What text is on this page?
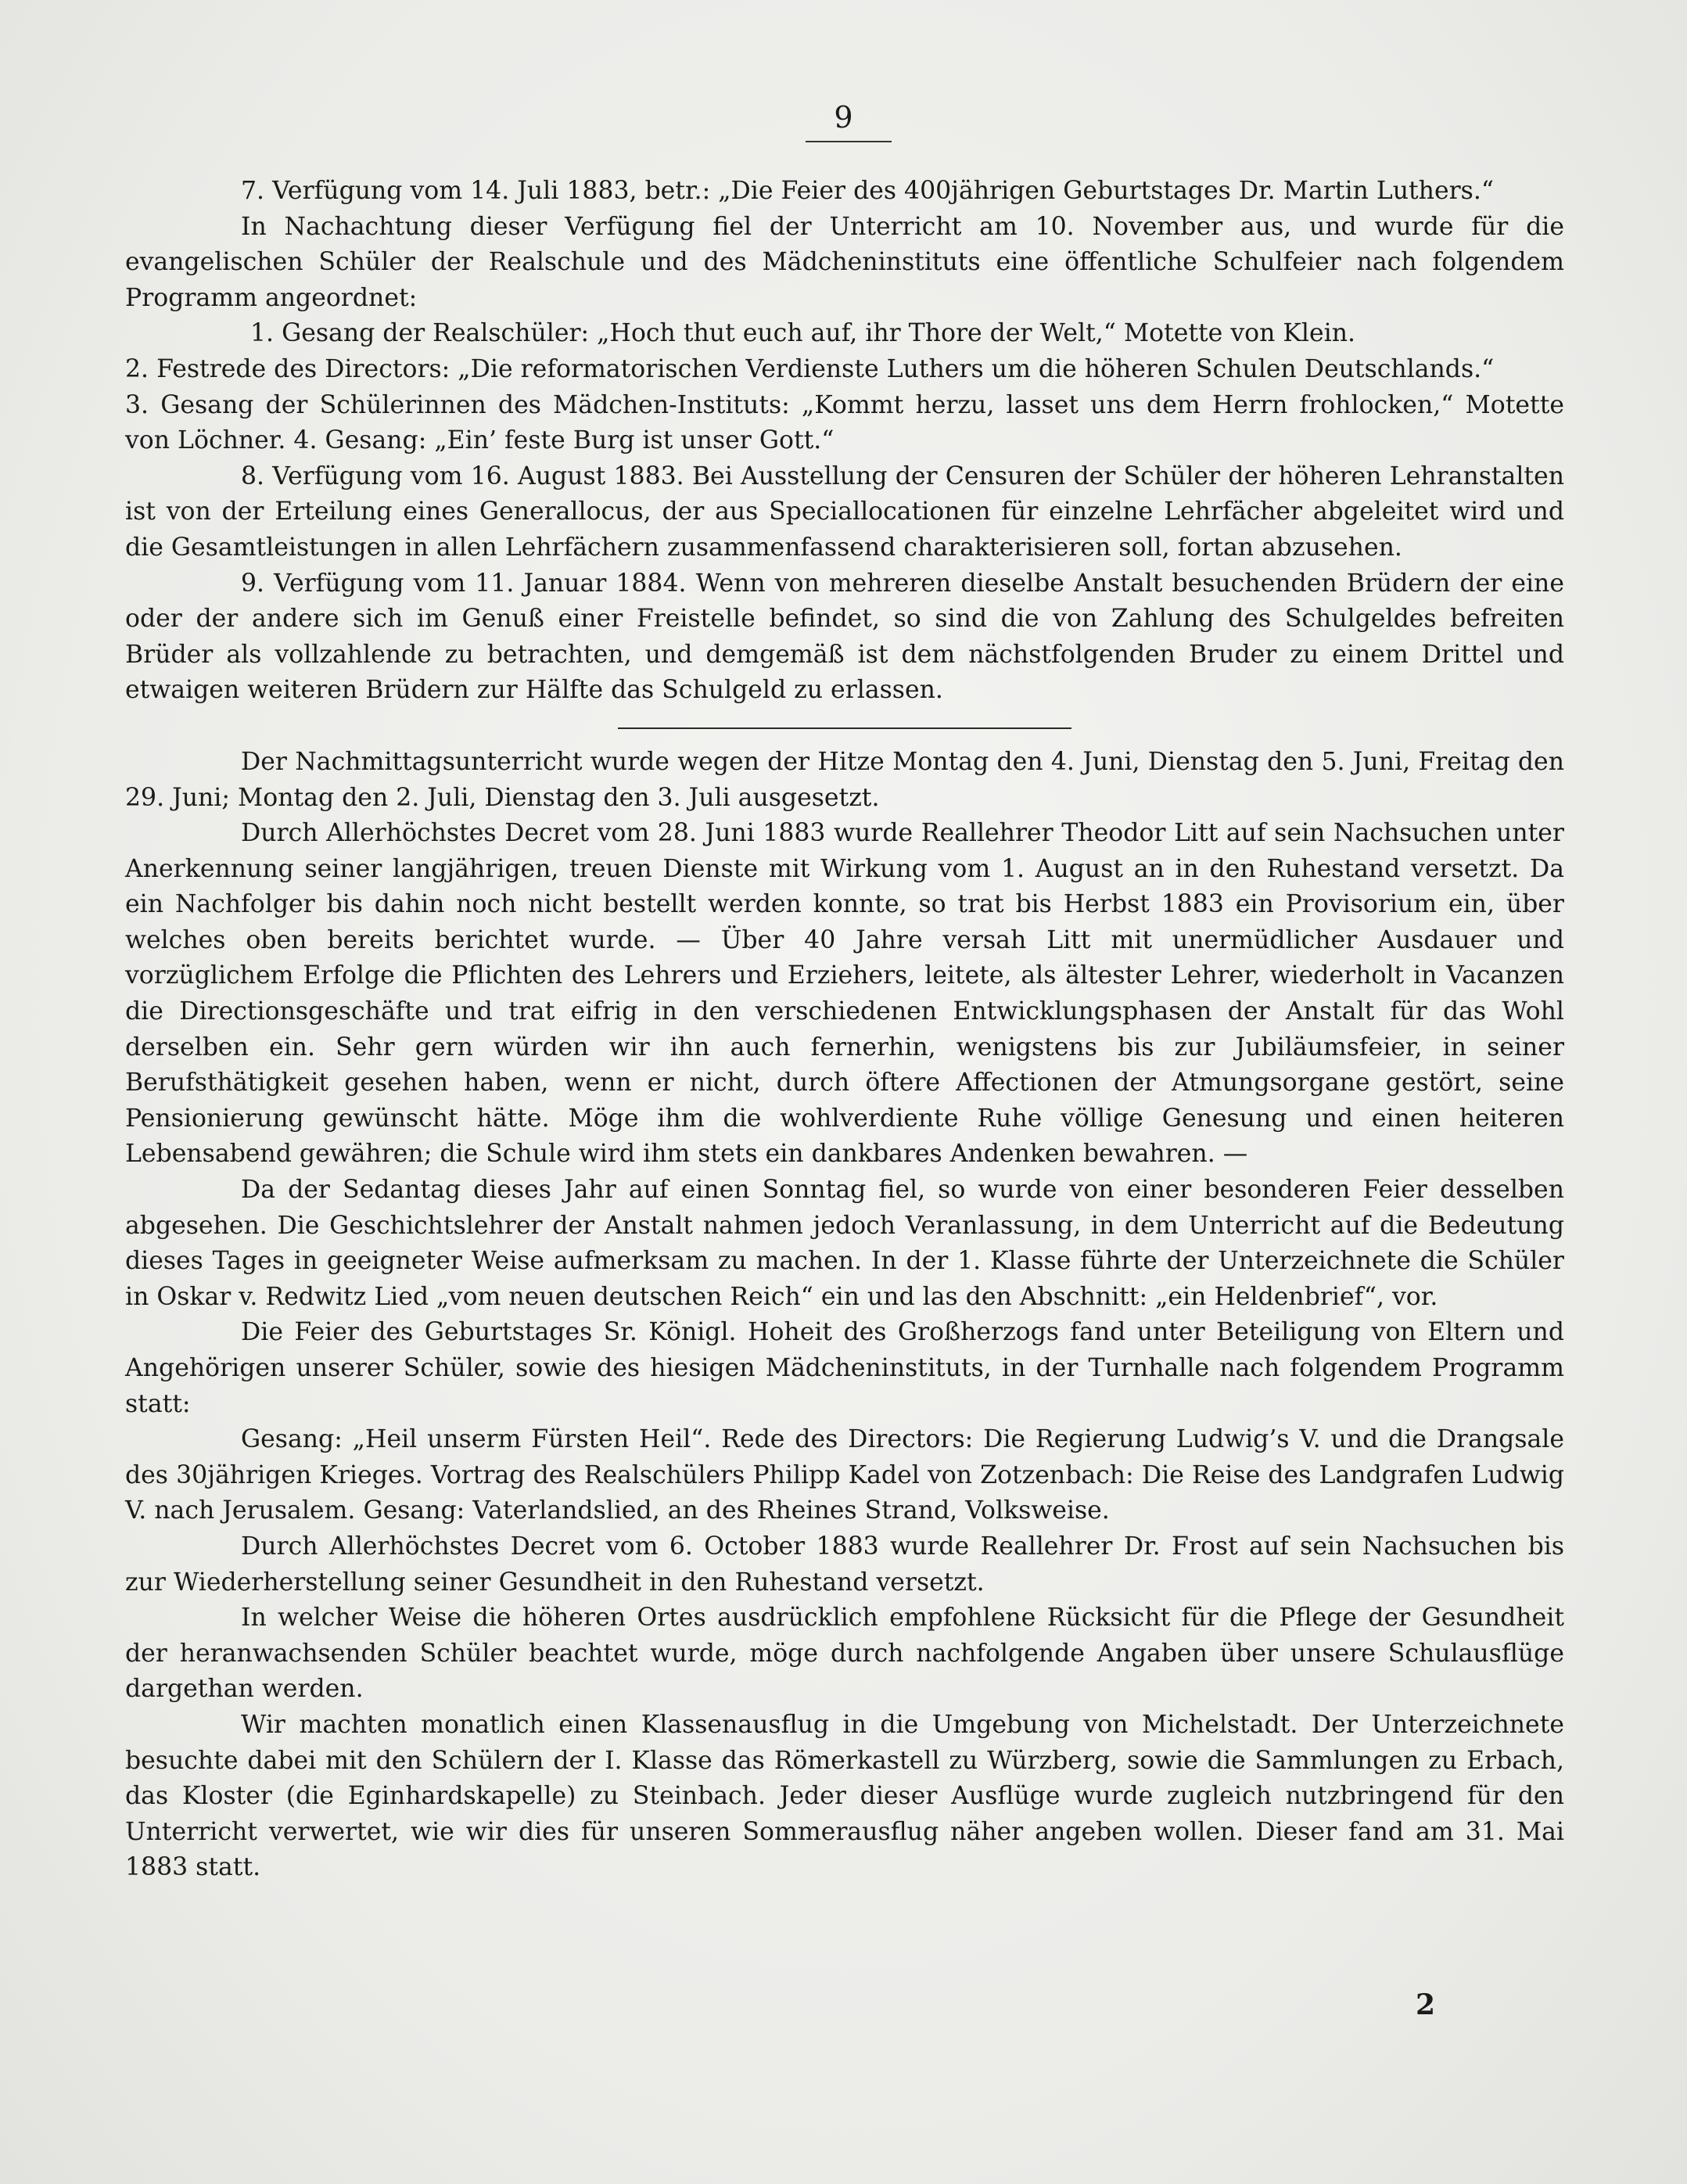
9

7. Verfügung vom 14. Juli 1883, betr.: „Die Feier des 400jährigen Geburtstages Dr. Martin Luthers.“

In Nachachtung dieser Verfügung fiel der Unterricht am 10. November aus, und wurde für die evangelischen Schüler der Realschule und des Mädcheninstituts eine öffentliche Schulfeier nach folgendem Programm angeordnet:

1. Gesang der Realschüler: „Hoch thut euch auf, ihr Thore der Welt,“ Motette von Klein.

2. Festrede des Directors: „Die reformatorischen Verdienste Luthers um die höheren Schulen Deutschlands.“

3. Gesang der Schülerinnen des Mädchen-Instituts: „Kommt herzu, lasset uns dem Herrn frohlocken,“ Motette von Löchner. 4. Gesang: „Ein’ feste Burg ist unser Gott.“

8. Verfügung vom 16. August 1883. Bei Ausstellung der Censuren der Schüler der höheren Lehranstalten ist von der Erteilung eines Generallocus, der aus Speciallocationen für einzelne Lehrfächer abgeleitet wird und die Gesamtleistungen in allen Lehrfächern zusammenfassend charakterisieren soll, fortan abzusehen.

9. Verfügung vom 11. Januar 1884. Wenn von mehreren dieselbe Anstalt besuchenden Brüdern der eine oder der andere sich im Genuß einer Freistelle befindet, so sind die von Zahlung des Schulgeldes befreiten Brüder als vollzahlende zu betrachten, und demgemäß ist dem nächstfolgenden Bruder zu einem Drittel und etwaigen weiteren Brüdern zur Hälfte das Schulgeld zu erlassen.

Der Nachmittagsunterricht wurde wegen der Hitze Montag den 4. Juni, Dienstag den 5. Juni, Freitag den 29. Juni; Montag den 2. Juli, Dienstag den 3. Juli ausgesetzt.

Durch Allerhöchstes Decret vom 28. Juni 1883 wurde Reallehrer Theodor Litt auf sein Nachsuchen unter Anerkennung seiner langjährigen, treuen Dienste mit Wirkung vom 1. August an in den Ruhestand versetzt. Da ein Nachfolger bis dahin noch nicht bestellt werden konnte, so trat bis Herbst 1883 ein Provisorium ein, über welches oben bereits berichtet wurde. — Über 40 Jahre versah Litt mit unermüdlicher Ausdauer und vorzüglichem Erfolge die Pflichten des Lehrers und Erziehers, leitete, als ältester Lehrer, wiederholt in Vacanzen die Directionsgeschäfte und trat eifrig in den verschiedenen Entwicklungsphasen der Anstalt für das Wohl derselben ein. Sehr gern würden wir ihn auch fernerhin, wenigstens bis zur Jubiläumsfeier, in seiner Berufsthätigkeit gesehen haben, wenn er nicht, durch öftere Affectionen der Atmungsorgane gestört, seine Pensionierung gewünscht hätte. Möge ihm die wohlverdiente Ruhe völlige Genesung und einen heiteren Lebensabend gewähren; die Schule wird ihm stets ein dankbares Andenken bewahren. —

Da der Sedantag dieses Jahr auf einen Sonntag fiel, so wurde von einer besonderen Feier desselben abgesehen. Die Geschichtslehrer der Anstalt nahmen jedoch Veranlassung, in dem Unterricht auf die Bedeutung dieses Tages in geeigneter Weise aufmerksam zu machen. In der 1. Klasse führte der Unterzeichnete die Schüler in Oskar v. Redwitz Lied „vom neuen deutschen Reich“ ein und las den Abschnitt: „ein Heldenbrief“, vor.

Die Feier des Geburtstages Sr. Königl. Hoheit des Großherzogs fand unter Beteiligung von Eltern und Angehörigen unserer Schüler, sowie des hiesigen Mädcheninstituts, in der Turnhalle nach folgendem Programm statt:

Gesang: „Heil unserm Fürsten Heil“. Rede des Directors: Die Regierung Ludwig’s V. und die Drangsale des 30jährigen Krieges. Vortrag des Realschülers Philipp Kadel von Zotzenbach: Die Reise des Landgrafen Ludwig V. nach Jerusalem. Gesang: Vaterlandslied, an des Rheines Strand, Volksweise.

Durch Allerhöchstes Decret vom 6. October 1883 wurde Reallehrer Dr. Frost auf sein Nachsuchen bis zur Wiederherstellung seiner Gesundheit in den Ruhestand versetzt.

In welcher Weise die höheren Ortes ausdrücklich empfohlene Rücksicht für die Pflege der Gesundheit der heranwachsenden Schüler beachtet wurde, möge durch nachfolgende Angaben über unsere Schulausflüge dargethan werden.

Wir machten monatlich einen Klassenausflug in die Umgebung von Michelstadt. Der Unterzeichnete besuchte dabei mit den Schülern der I. Klasse das Römerkastell zu Würzberg, sowie die Sammlungen zu Erbach, das Kloster (die Eginhardskapelle) zu Steinbach. Jeder dieser Ausflüge wurde zugleich nutzbringend für den Unterricht verwertet, wie wir dies für unseren Sommerausflug näher angeben wollen. Dieser fand am 31. Mai 1883 statt.

2
